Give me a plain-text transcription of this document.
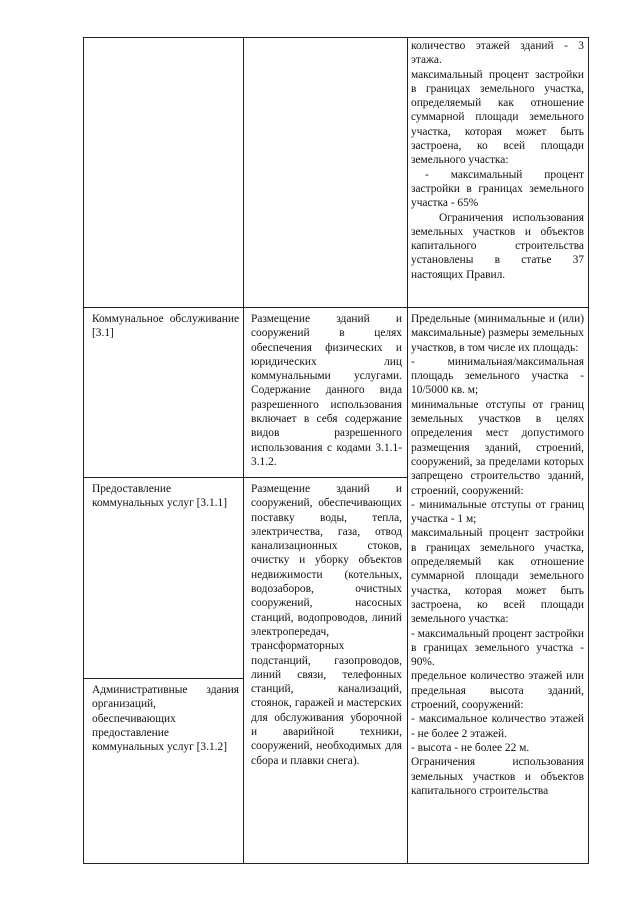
количество этажей зданий - 3 этажа.

максимальный процент застройки в границах земельного участка, определяемый как отношение суммарной площади земельного участка, которая может быть застроена, ко всей площади земельного участка:

- максимальный процент застройки в границах земельного участка - 65%

Ограничения использования земельных участков и объектов капитального строительства установлены в статье 37 настоящих Правил.

Коммунальное обслуживание [3.1]

Размещение зданий и сооружений в целях обеспечения физических и юридических лиц коммунальными услугами. Содержание данного вида разрешенного использования включает в себя содержание видов разрешенного использования с кодами 3.1.1-3.1.2.

Предельные (минимальные и (или) максимальные) размеры земельных участков, в том числе их площадь:

- минимальная/максимальная площадь земельного участка - 10/5000 кв. м;

минимальные отступы от границ земельных участков в целях определения мест допустимого размещения зданий, строений, сооружений, за пределами которых запрещено строительство зданий, строений, сооружений:

- минимальные отступы от границ участка - 1 м;

максимальный процент застройки в границах земельного участка, определяемый как отношение суммарной площади земельного участка, которая может быть застроена, ко всей площади земельного участка:

- максимальный процент застройки в границах земельного участка - 90%.

предельное количество этажей или предельная высота зданий, строений, сооружений:

- максимальное количество этажей - не более 2 этажей.

- высота - не более 22 м.

Ограничения использования земельных участков и объектов капитального строительства

Предоставление коммунальных услуг [3.1.1]

Размещение зданий и сооружений, обеспечивающих поставку воды, тепла, электричества, газа, отвод канализационных стоков, очистку и уборку объектов недвижимости (котельных, водозаборов, очистных сооружений, насосных станций, водопроводов, линий электропередач, трансформаторных подстанций, газопроводов, линий связи, телефонных станций, канализаций, стоянок, гаражей и мастерских для обслуживания уборочной и аварийной техники, сооружений, необходимых для сбора и плавки снега).

Административные здания организаций, обеспечивающих предоставление коммунальных услуг [3.1.2]
